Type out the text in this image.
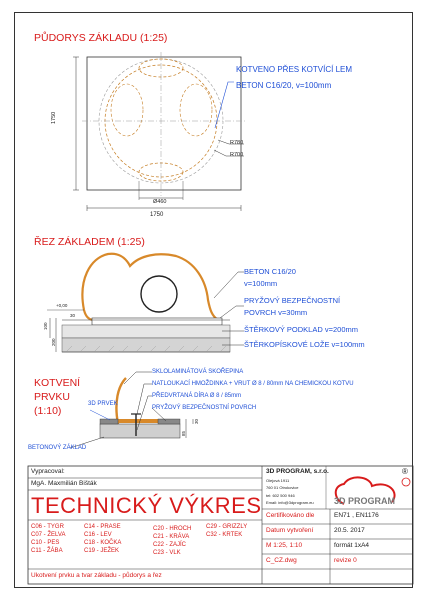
PŮDORYS ZÁKLADU (1:25)
KOTVENO PŘES KOTVÍCÍ LEM
BETON C16/20, v=100mm
1750
1750
Ø460
R780
R700
ŘEZ ZÁKLADEM (1:25)
BETON C16/20
v=100mm
PRYŽOVÝ BEZPEČNOSTNÍ
POVRCH v=30mm
ŠTĚRKOVÝ PODKLAD v=200mm
ŠTĚRKOPÍSKOVÉ LOŽE v=100mm
+0,00
100
30
200
KOTVENÍ
PRVKU
(1:10)
3D PRVEK
SKLOLAMINÁTOVÁ SKOŘEPINA
NATLOUKACÍ HMOŽDINKA + VRUT Ø 8 / 80mm NA CHEMICKOU KOTVU
PŘEDVRTANÁ DÍRA Ø 8 / 85mm
PRYŽOVÝ BEZPEČNOSTNÍ POVRCH
BETONOVÝ ZÁKLAD
85
30
Vypracoval:
MgA. Maxmilián Bišták
TECHNICKÝ VÝKRES
C06 - TYGR
C07 - ŽELVA
C10 - PES
C11 - ŽÁBA
C14 - PRASE
C16 - LEV
C18 - KOČKA
C19 - JEŽEK
C20 - HROCH
C21 - KRÁVA
C22 - ZAJÍC
C23 - VLK
C29 - GRIZZLY
C32 - KRTEK
Ukotvení prvku a tvar základu - půdorys a řez
3D PROGRAM, s.r.o.
Olejová 1911
760 01 Otrokovice
tel: 602 500 946
Email: info@3dprogram.eu 3D PROGRAM
®
Certifikováno dle	EN71 , EN1176
Datum vytvoření	20.5. 2017
M 1:25, 1:10	formát 1xA4
C_CZ.dwg	revize 0
